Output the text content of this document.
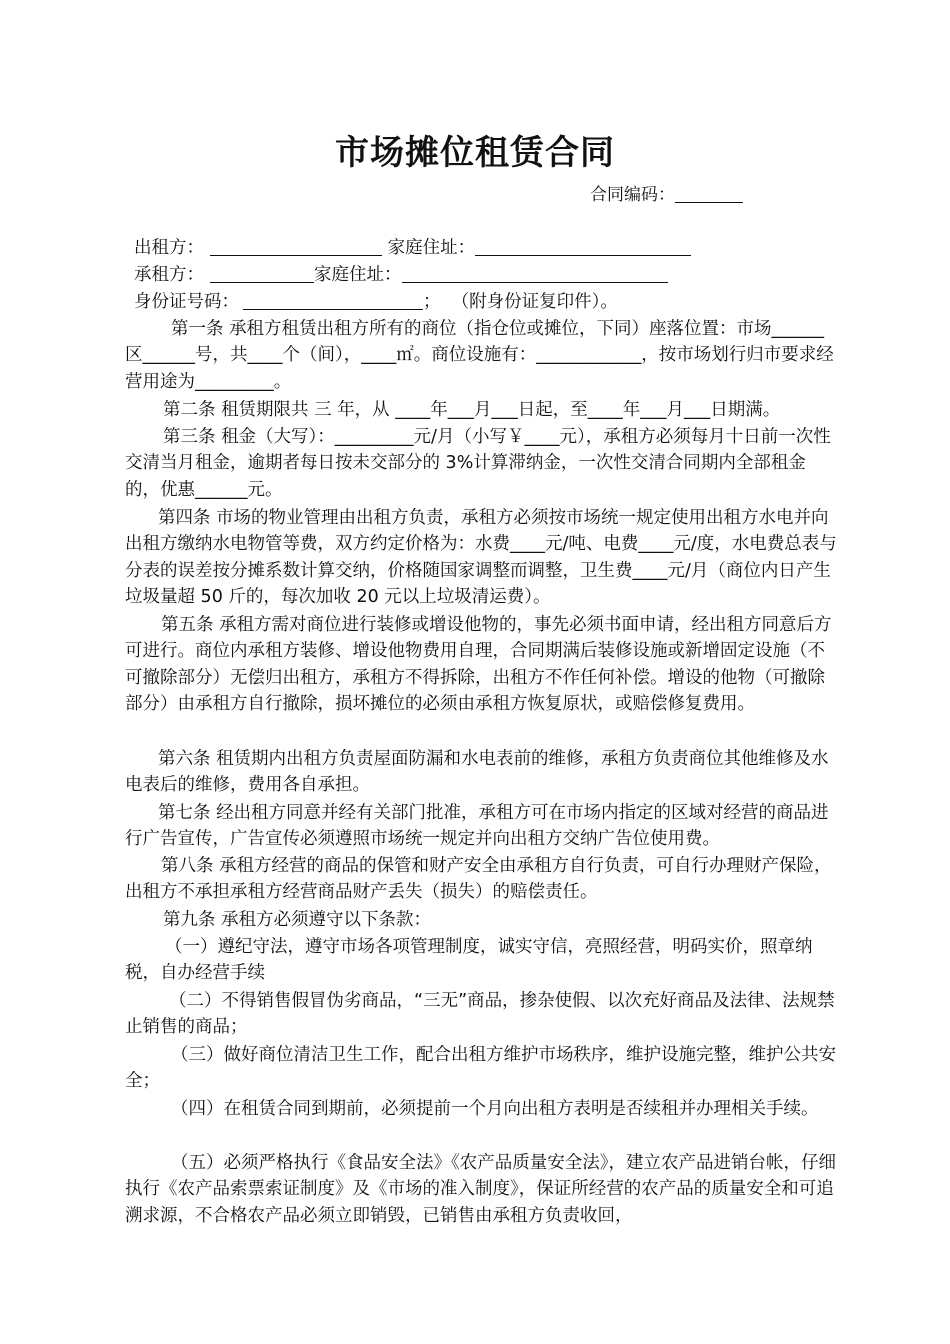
市场摊位租赁合同
合同编码：
出租方：	家庭住址：
承租方：	家庭住址：
身份证号码：	；  （附身份证复印件）。
第一条 承租方租赁出租方所有的商位（指仓位或摊位，下同）座落位置：市场______区______号，共____个（间），____㎡。商位设施有：____________，按市场划行归市要求经营用途为_________。
第二条 租赁期限共 三 年，从 ____年___月___日起，至____年___月___日期满。
第三条 租金（大写）：_________元/月（小写￥____元），承租方必须每月十日前一次性交清当月租金，逾期者每日按未交部分的 3%计算滞纳金，一次性交清合同期内全部租金的，优惠______元。
第四条 市场的物业管理由出租方负责，承租方必须按市场统一规定使用出租方水电并向出租方缴纳水电物管等费，双方约定价格为：水费____元/吨、电费____元/度，水电费总表与分表的误差按分摊系数计算交纳，价格随国家调整而调整，卫生费____元/月（商位内日产生垃圾量超 50 斤的，每次加收 20 元以上垃圾清运费）。
第五条 承租方需对商位进行装修或增设他物的，事先必须书面申请，经出租方同意后方可进行。商位内承租方装修、增设他物费用自理，合同期满后装修设施或新增固定设施（不可撤除部分）无偿归出租方，承租方不得拆除，出租方不作任何补偿。增设的他物（可撤除部分）由承租方自行撤除，损坏摊位的必须由承租方恢复原状，或赔偿修复费用。
第六条 租赁期内出租方负责屋面防漏和水电表前的维修，承租方负责商位其他维修及水电表后的维修，费用各自承担。
第七条 经出租方同意并经有关部门批准，承租方可在市场内指定的区域对经营的商品进行广告宣传，广告宣传必须遵照市场统一规定并向出租方交纳广告位使用费。
第八条 承租方经营的商品的保管和财产安全由承租方自行负责，可自行办理财产保险，出租方不承担承租方经营商品财产丢失（损失）的赔偿责任。
第九条 承租方必须遵守以下条款：
（一）遵纪守法，遵守市场各项管理制度，诚实守信，亮照经营，明码实价，照章纳税，自办经营手续
（二）不得销售假冒伪劣商品，“三无”商品，掺杂使假、以次充好商品及法律、法规禁止销售的商品；
（三）做好商位清洁卫生工作，配合出租方维护市场秩序，维护设施完整，维护公共安全；
（四）在租赁合同到期前，必须提前一个月向出租方表明是否续租并办理相关手续。
（五）必须严格执行《食品安全法》《农产品质量安全法》，建立农产品进销台帐，仔细执行《农产品索票索证制度》及《市场的准入制度》，保证所经营的农产品的质量安全和可追溯求源，不合格农产品必须立即销毁，已销售由承租方负责收回，
